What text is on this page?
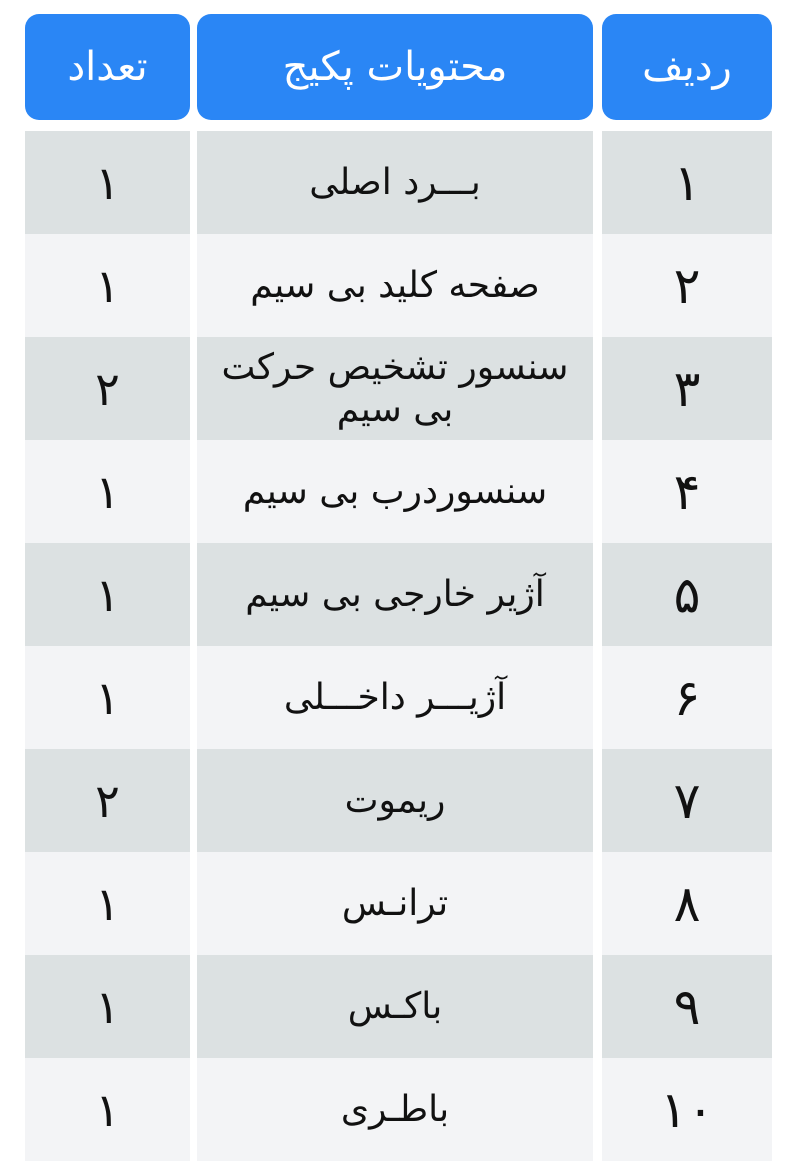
تعداد	محتویات پکیج	ردیف
۱	بـــرد اصلی	۱
۱	صفحه کلید بی سیم	۲
۲	سنسور تشخیص حرکت بی سیم	۳
۱	سنسوردرب بی سیم	۴
۱	آژیر خارجی بی سیم	۵
۱	آژیـــر داخـــلی	۶
۲	ریموت	۷
۱	ترانـس	۸
۱	باکـس	۹
۱	باطـری	۱۰
